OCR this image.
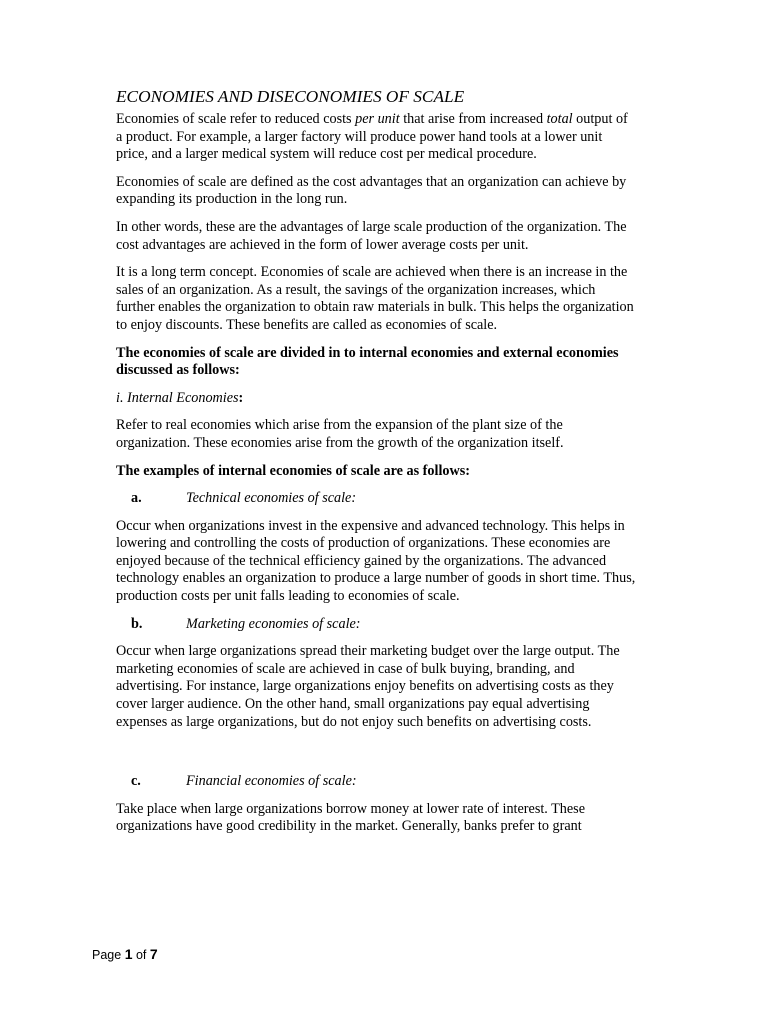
ECONOMIES AND DISECONOMIES OF SCALE

Economies of scale refer to reduced costs per unit that arise from increased total output of a product. For example, a larger factory will produce power hand tools at a lower unit price, and a larger medical system will reduce cost per medical procedure.

Economies of scale are defined as the cost advantages that an organization can achieve by expanding its production in the long run.

In other words, these are the advantages of large scale production of the organization. The cost advantages are achieved in the form of lower average costs per unit.

It is a long term concept. Economies of scale are achieved when there is an increase in the sales of an organization. As a result, the savings of the organization increases, which further enables the organization to obtain raw materials in bulk. This helps the organization to enjoy discounts. These benefits are called as economies of scale.

The economies of scale are divided in to internal economies and external economies discussed as follows:

i. Internal Economies:

Refer to real economies which arise from the expansion of the plant size of the organization. These economies arise from the growth of the organization itself.

The examples of internal economies of scale are as follows:

a.	Technical economies of scale:

Occur when organizations invest in the expensive and advanced technology. This helps in lowering and controlling the costs of production of organizations. These economies are enjoyed because of the technical efficiency gained by the organizations. The advanced technology enables an organization to produce a large number of goods in short time. Thus, production costs per unit falls leading to economies of scale.

b.	Marketing economies of scale:

Occur when large organizations spread their marketing budget over the large output. The marketing economies of scale are achieved in case of bulk buying, branding, and advertising. For instance, large organizations enjoy benefits on advertising costs as they cover larger audience. On the other hand, small organizations pay equal advertising expenses as large organizations, but do not enjoy such benefits on advertising costs.

c.	Financial economies of scale:

Take place when large organizations borrow money at lower rate of interest. These organizations have good credibility in the market. Generally, banks prefer to grant

Page 1 of 7
